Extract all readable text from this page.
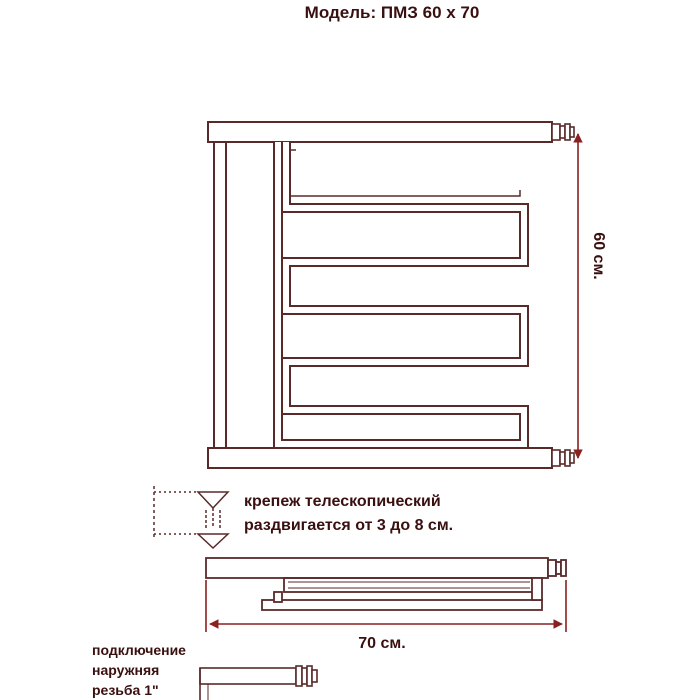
Модель: ПМЗ 60 х 70
60 см.
крепеж телескопический
раздвигается от 3 до 8 см.
70 см.
подключение
наружняя
резьба 1"
